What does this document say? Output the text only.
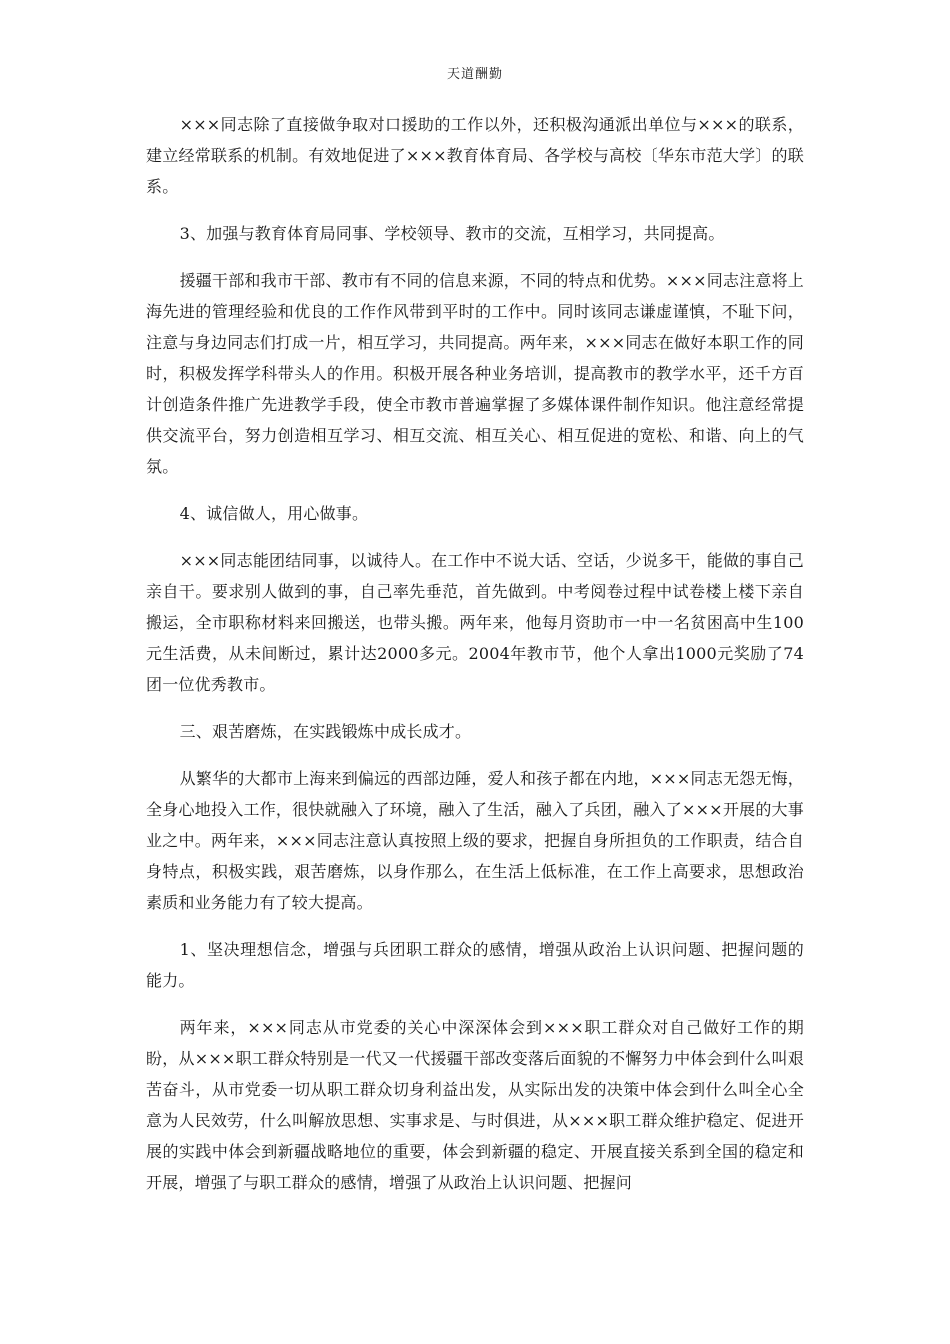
天道酬勤

×××同志除了直接做争取对口援助的工作以外，还积极沟通派出单位与×××的联系，建立经常联系的机制。有效地促进了×××教育体育局、各学校与高校〔华东市范大学〕的联系。

3、加强与教育体育局同事、学校领导、教市的交流，互相学习，共同提高。

援疆干部和我市干部、教市有不同的信息来源，不同的特点和优势。×××同志注意将上海先进的管理经验和优良的工作作风带到平时的工作中。同时该同志谦虚谨慎，不耻下问，注意与身边同志们打成一片，相互学习，共同提高。两年来，×××同志在做好本职工作的同时，积极发挥学科带头人的作用。积极开展各种业务培训，提高教市的教学水平，还千方百计创造条件推广先进教学手段，使全市教市普遍掌握了多媒体课件制作知识。他注意经常提供交流平台，努力创造相互学习、相互交流、相互关心、相互促进的宽松、和谐、向上的气氛。

4、诚信做人，用心做事。

×××同志能团结同事，以诚待人。在工作中不说大话、空话，少说多干，能做的事自己亲自干。要求别人做到的事，自己率先垂范，首先做到。中考阅卷过程中试卷楼上楼下亲自搬运，全市职称材料来回搬送，也带头搬。两年来，他每月资助市一中一名贫困高中生100元生活费，从未间断过，累计达2000多元。2004年教市节，他个人拿出1000元奖励了74团一位优秀教市。

三、艰苦磨炼，在实践锻炼中成长成才。

从繁华的大都市上海来到偏远的西部边陲，爱人和孩子都在内地，×××同志无怨无悔，全身心地投入工作，很快就融入了环境，融入了生活，融入了兵团，融入了×××开展的大事业之中。两年来，×××同志注意认真按照上级的要求，把握自身所担负的工作职责，结合自身特点，积极实践，艰苦磨炼，以身作那么，在生活上低标准，在工作上高要求，思想政治素质和业务能力有了较大提高。

1、坚决理想信念，增强与兵团职工群众的感情，增强从政治上认识问题、把握问题的能力。

两年来，×××同志从市党委的关心中深深体会到×××职工群众对自己做好工作的期盼，从×××职工群众特别是一代又一代援疆干部改变落后面貌的不懈努力中体会到什么叫艰苦奋斗，从市党委一切从职工群众切身利益出发，从实际出发的决策中体会到什么叫全心全意为人民效劳，什么叫解放思想、实事求是、与时俱进，从×××职工群众维护稳定、促进开展的实践中体会到新疆战略地位的重要，体会到新疆的稳定、开展直接关系到全国的稳定和开展，增强了与职工群众的感情，增强了从政治上认识问题、把握问
